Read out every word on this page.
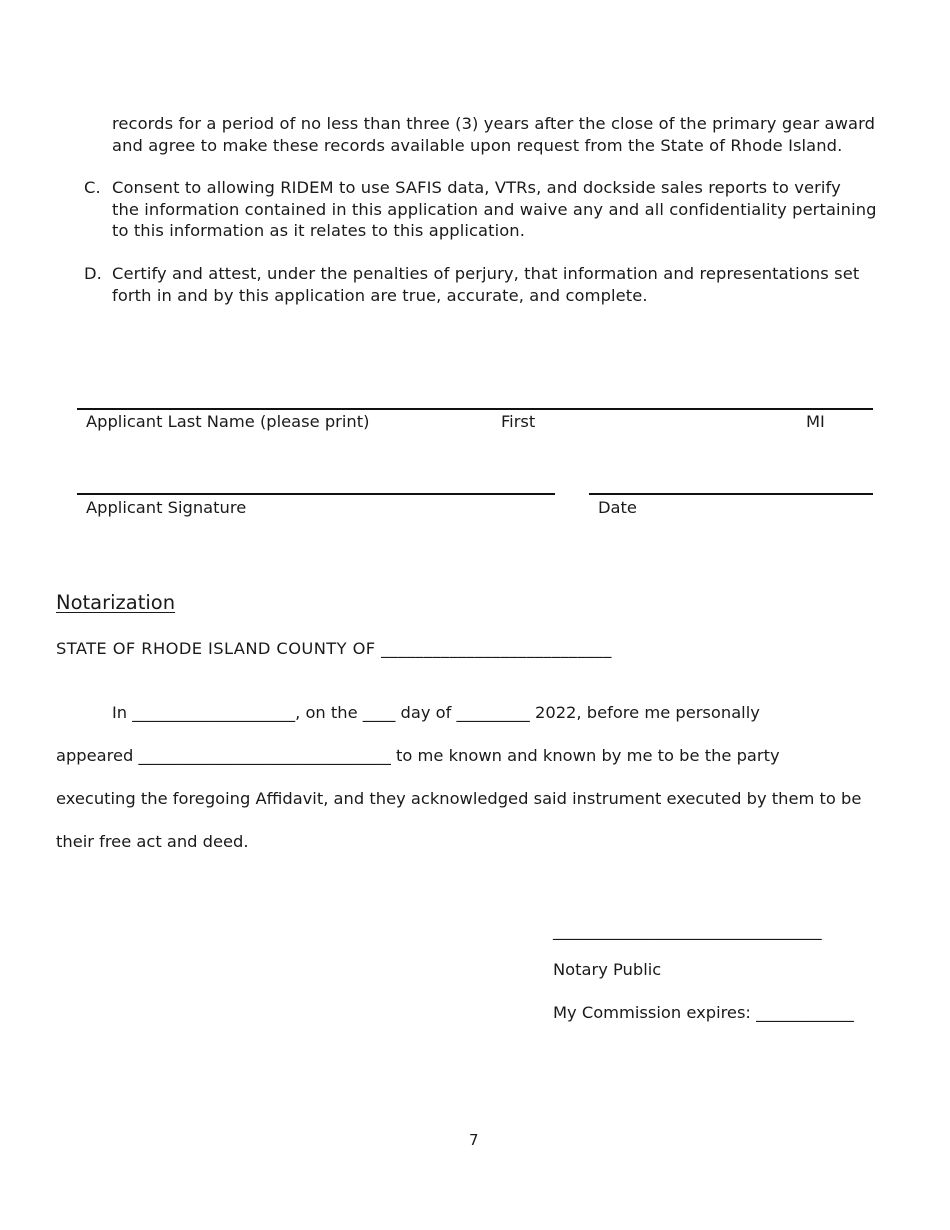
records for a period of no less than three (3) years after the close of the primary gear award
and agree to make these records available upon request from the State of Rhode Island.
C. Consent to allowing RIDEM to use SAFIS data, VTRs, and dockside sales reports to verify
the information contained in this application and waive any and all confidentiality pertaining
to this information as it relates to this application.
D. Certify and attest, under the penalties of perjury, that information and representations set
forth in and by this application are true, accurate, and complete.
Applicant Last Name (please print)	First	MI
Applicant Signature	Date
Notarization
STATE OF RHODE ISLAND COUNTY OF ___________________________
In ____________________, on the ____ day of _________ 2022, before me personally
appeared _______________________________ to me known and known by me to be the party
executing the foregoing Affidavit, and they acknowledged said instrument executed by them to be
their free act and deed.
_________________________________
Notary Public
My Commission expires: ____________
7
